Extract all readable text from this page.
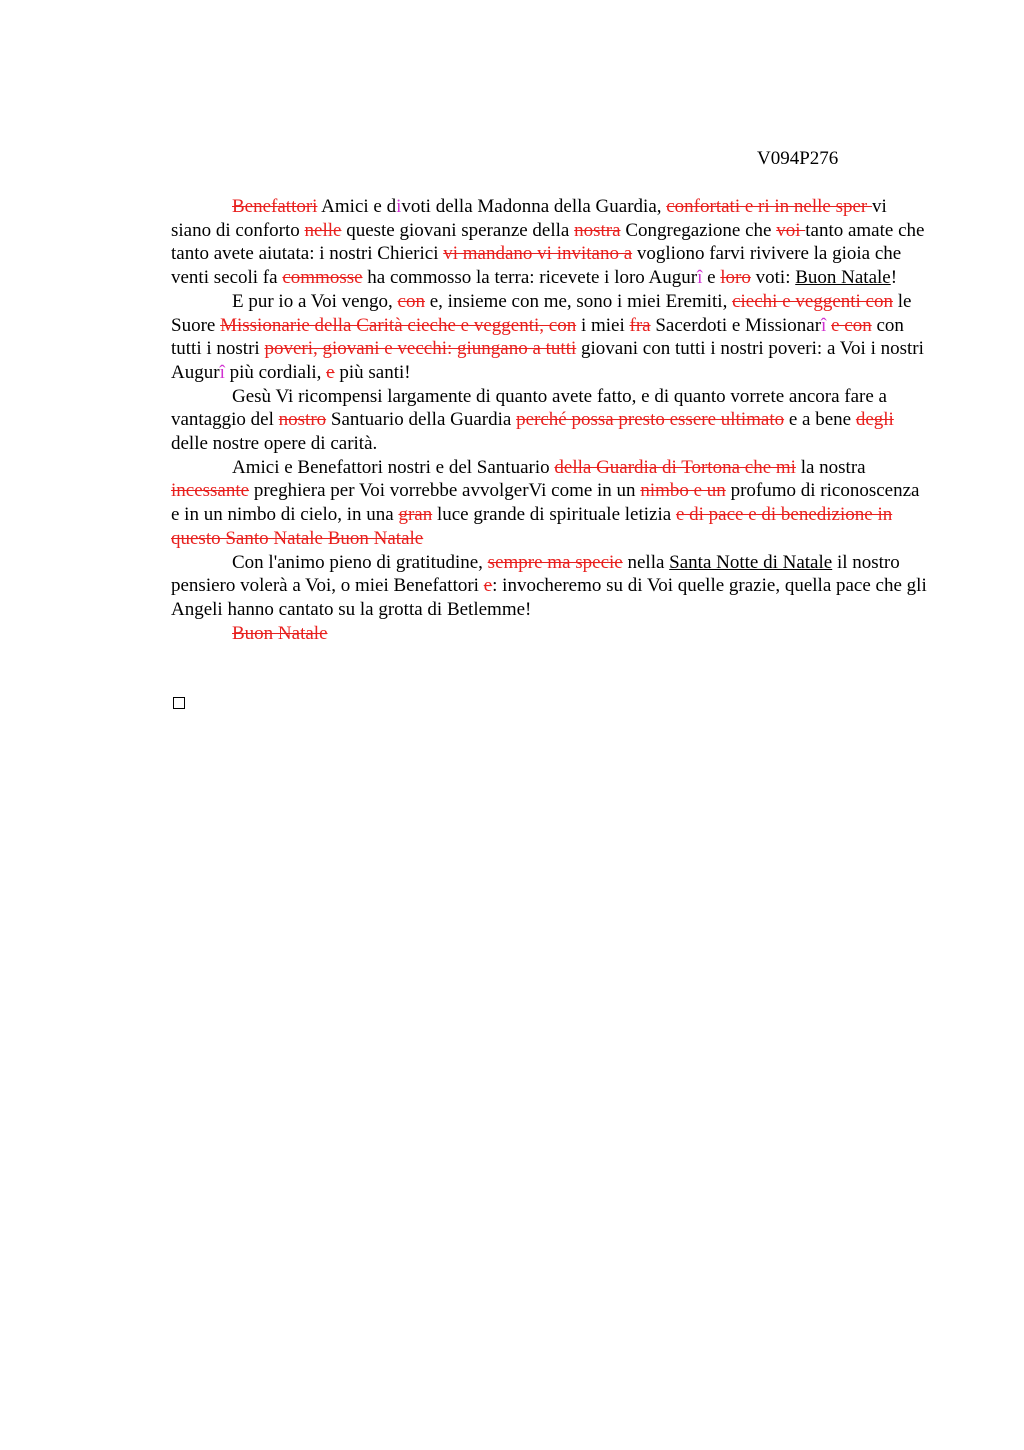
V094P276

Benefattori Amici e divoti della Madonna della Guardia, confortati e ri in nelle sper vi siano di conforto nelle queste giovani speranze della nostra Congregazione che voi tanto amate che tanto avete aiutata: i nostri Chierici vi mandano vi invitano a vogliono farvi rivivere la gioia che venti secoli fa commosse ha commosso la terra: ricevete i loro Augurî e loro voti: Buon Natale!

E pur io a Voi vengo, con e, insieme con me, sono i miei Eremiti, ciechi e veggenti con le Suore Missionarie della Carità cieche e veggenti, con i miei fra Sacerdoti e Missionarî e con con tutti i nostri poveri, giovani e vecchi: giungano a tutti giovani con tutti i nostri poveri: a Voi i nostri Augurî più cordiali, e più santi!

Gesù Vi ricompensi largamente di quanto avete fatto, e di quanto vorrete ancora fare a vantaggio del nostro Santuario della Guardia perché possa presto essere ultimato e a bene degli delle nostre opere di carità.

Amici e Benefattori nostri e del Santuario della Guardia di Tortona che mi la nostra incessante preghiera per Voi vorrebbe avvolgerVi come in un nimbo e un profumo di riconoscenza e in un nimbo di cielo, in una gran luce grande di spirituale letizia e di pace e di benedizione in questo Santo Natale Buon Natale

Con l'animo pieno di gratitudine, sempre ma specie nella Santa Notte di Natale il nostro pensiero volerà a Voi, o miei Benefattori e: invocheremo su di Voi quelle grazie, quella pace che gli Angeli hanno cantato su la grotta di Betlemme!

Buon Natale
